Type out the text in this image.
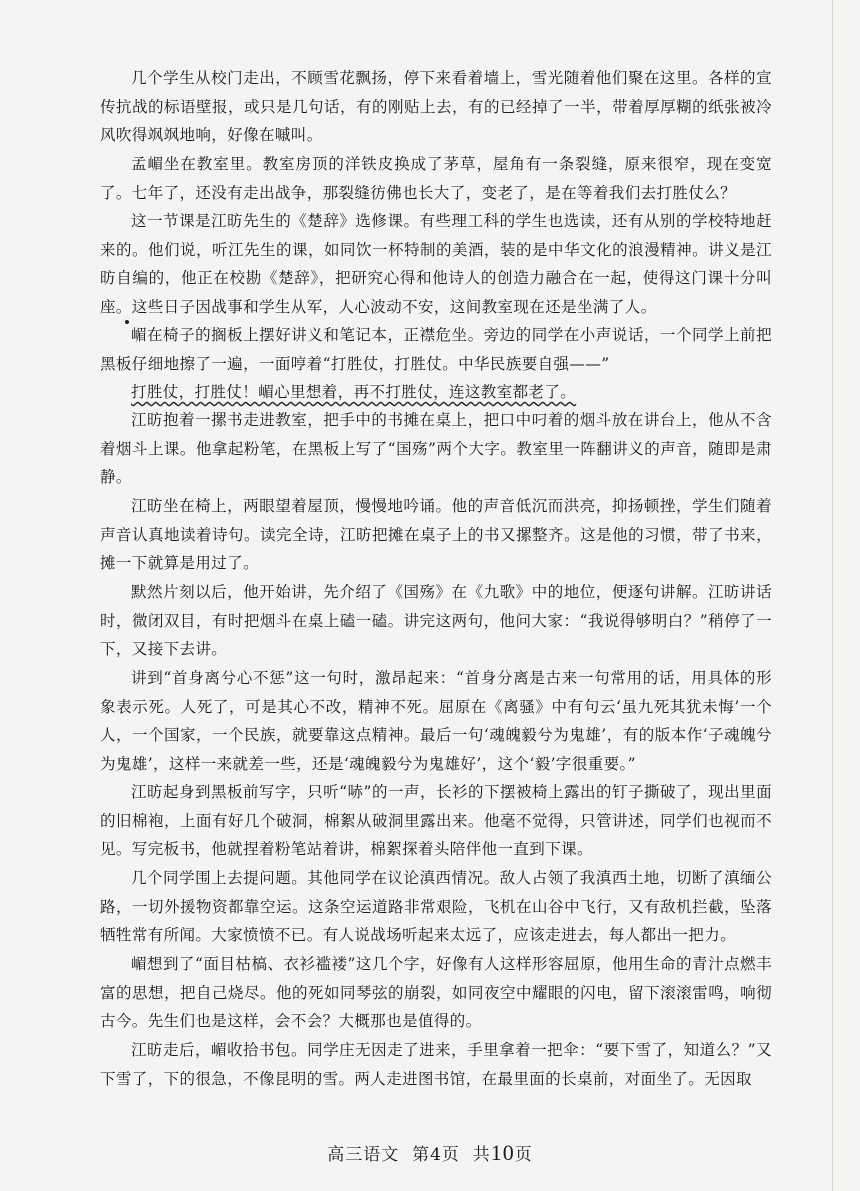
几个学生从校门走出，不顾雪花飘扬，停下来看着墙上，雪光随着他们聚在这里。各样的宣传抗战的标语壁报，或只是几句话，有的刚贴上去，有的已经掉了一半，带着厚厚糊的纸张被冷风吹得飒飒地响，好像在嘁叫。

孟嵋坐在教室里。教室房顶的洋铁皮换成了茅草，屋角有一条裂缝，原来很窄，现在变宽了。七年了，还没有走出战争，那裂缝彷佛也长大了，变老了，是在等着我们去打胜仗么？

这一节课是江昉先生的《楚辞》选修课。有些理工科的学生也选读，还有从别的学校特地赶来的。他们说，听江先生的课，如同饮一杯特制的美酒，装的是中华文化的浪漫精神。讲义是江昉自编的，他正在校勘《楚辞》，把研究心得和他诗人的创造力融合在一起，使得这门课十分叫座。这些日子因战事和学生从军，人心波动不安，这间教室现在还是坐满了人。

嵋在椅子的搁板上摆好讲义和笔记本，正襟危坐。旁边的同学在小声说话，一个同学上前把黑板仔细地擦了一遍，一面哼着“打胜仗，打胜仗。中华民族要自强——”

打胜仗，打胜仗！嵋心里想着，再不打胜仗，连这教室都老了。

江昉抱着一摞书走进教室，把手中的书摊在桌上，把口中叼着的烟斗放在讲台上，他从不含着烟斗上课。他拿起粉笔，在黑板上写了“国殇”两个大字。教室里一阵翻讲义的声音，随即是肃静。

江昉坐在椅上，两眼望着屋顶，慢慢地吟诵。他的声音低沉而洪亮，抑扬顿挫，学生们随着声音认真地读着诗句。读完全诗，江昉把摊在桌子上的书又摞整齐。这是他的习惯，带了书来，摊一下就算是用过了。

默然片刻以后，他开始讲，先介绍了《国殇》在《九歌》中的地位，便逐句讲解。江昉讲话时，微闭双目，有时把烟斗在桌上磕一磕。讲完这两句，他问大家：“我说得够明白？”稍停了一下，又接下去讲。

讲到“首身离兮心不惩”这一句时，激昂起来：“首身分离是古来一句常用的话，用具体的形象表示死。人死了，可是其心不改，精神不死。屈原在《离骚》中有句云‘虽九死其犹未悔’一个人，一个国家，一个民族，就要靠这点精神。最后一句‘魂魄毅兮为鬼雄’，有的版本作‘子魂魄兮为鬼雄’，这样一来就差一些，还是‘魂魄毅兮为鬼雄好’，这个‘毅’字很重要。”

江昉起身到黑板前写字，只听“哧”的一声，长衫的下摆被椅上露出的钉子撕破了，现出里面的旧棉袍，上面有好几个破洞，棉絮从破洞里露出来。他毫不觉得，只管讲述，同学们也视而不见。写完板书，他就捏着粉笔站着讲，棉絮探着头陪伴他一直到下课。

几个同学围上去提问题。其他同学在议论滇西情况。敌人占领了我滇西土地，切断了滇缅公路，一切外援物资都靠空运。这条空运道路非常艰险，飞机在山谷中飞行，又有敌机拦截，坠落牺牲常有所闻。大家愤愤不已。有人说战场听起来太远了，应该走进去，每人都出一把力。

嵋想到了“面目枯槁、衣衫褴褛”这几个字，好像有人这样形容屈原，他用生命的青汁点燃丰富的思想，把自己烧尽。他的死如同琴弦的崩裂，如同夜空中耀眼的闪电，留下滚滚雷鸣，响彻古今。先生们也是这样，会不会？大概那也是值得的。

江昉走后，嵋收拾书包。同学庄无因走了进来，手里拿着一把伞：“要下雪了，知道么？”又下雪了，下的很急，不像昆明的雪。两人走进图书馆，在最里面的长桌前，对面坐了。无因取

高三语文 第4页 共10页
